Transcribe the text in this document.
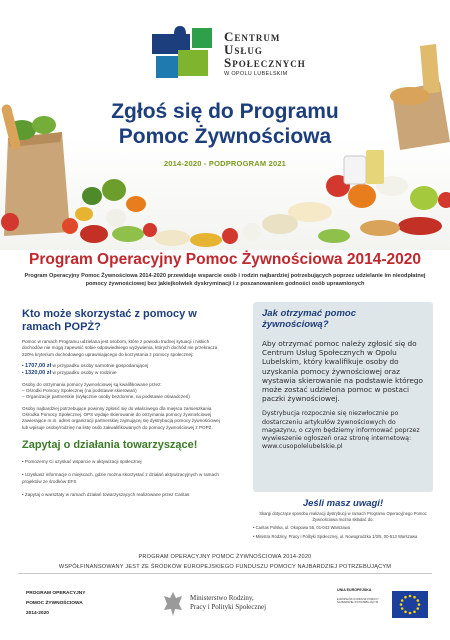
Centrum
Usług
Społecznych
W OPOLU LUBELSKIM
Zgłoś się do Programu
Pomoc Żywnościowa
2014-2020 - PODPROGRAM 2021
Program Operacyjny Pomoc Żywnościowa 2014-2020
Program Operacyjny Pomoc Żywnościowa 2014-2020 przewiduje wsparcie osób i rodzin najbardziej potrzebujących poprzez udzielanie im nieodpłatnej pomocy żywnościowej bez jakiejkolwiek dyskryminacji i z poszanowaniem godności osób uprawnionych
Kto może skorzystać z pomocy w ramach POPŻ?
Pomoc w ramach Programu udzielana jest osobom, które z powodu trudnej sytuacji i niskich dochodów nie mogą zapewnić sobie odpowiedniego wyżywienia, których dochód nie przekracza 220% kryterium dochodowego uprawniającego do korzystania z pomocy społecznej:
• 1707,00 zł w przypadku osoby samotnie gospodarującej
• 1320,00 zł w przypadku osoby w rodzinie
Osoby do otrzymania pomocy żywnościowej są kwalifikowane przez:
– Ośrodki Pomocy Społecznej (na podstawie skierowań)
– Organizacje partnerskie (wyłącznie osoby bezdomne, na podstawie oświadczeń)
Osoby najbardziej potrzebujące powinny zgłosić się do właściwego dla miejsca zamieszkania Ośrodka Pomocy Społecznej. OPS wydaje skierowanie do otrzymania pomocy żywnościowej zawierające m.in. adres organizacji partnerskiej zajmującej się dystrybucją pomocy żywnościowej lub wpisuje osobę/rodzinę na listę osób zakwalifikowanych do pomocy żywnościowej z POPŻ.
Zapytaj o działania towarzyszące!
• Pomożemy Ci uzyskać wsparcie w aktywizacji społecznej
• Uzyskasz informacje o miejscach, gdzie można skorzystać z działań aktywizacyjnych w ramach projektów ze środków EFS
• Zapytaj o warsztaty w ramach działań towarzyszących realizowane przez Caritas
Jak otrzymać pomoc żywnościową?
Aby otrzymać pomoc należy zgłosić się do Centrum Usług Społecznych w Opolu Lubelskim, który kwalifikuje osoby do uzyskania pomocy żywnościowej oraz wystawia skierowanie na podstawie którego może zostać udzielona pomoc w postaci paczki żywnościowej.
Dystrybucja rozpocznie się niezwłocznie po dostarczeniu artykułów żywnościowych do magazynu, o czym będziemy informować poprzez wywieszenie ogłoszeń oraz stronę internetową: www.cusopolelubelskie.pl
Jeśli masz uwagi!
Skargi dotyczące sposobu realizacji dystrybucji w ramach Programu Operacyjnego Pomoc Żywnościowa można składać do:
• Caritas Polska, ul. Okopowa 55, 01-043 Warszawa
• Ministra Rodziny, Pracy i Polityki Społecznej, ul. Nowogrodzka 1/3/5, 00-513 Warszawa
PROGRAM OPERACYJNY POMOC ŻYWNOŚCIOWA 2014-2020
WSPÓŁFINANSOWANY JEST ZE ŚRODKÓW EUROPEJSKIEGO FUNDUSZU POMOCY NAJBARDZIEJ POTRZEBUJĄCYM
PROGRAM OPERACYJNY
POMOC ŻYWNOŚCIOWA
2014-2020
Ministerstwo Rodziny,
Pracy i Polityki Społecznej
UNIA EUROPEJSKA
EUROPEJSKI FUNDUSZ POMOCY NAJBARDZIEJ POTRZEBUJĄCYM
